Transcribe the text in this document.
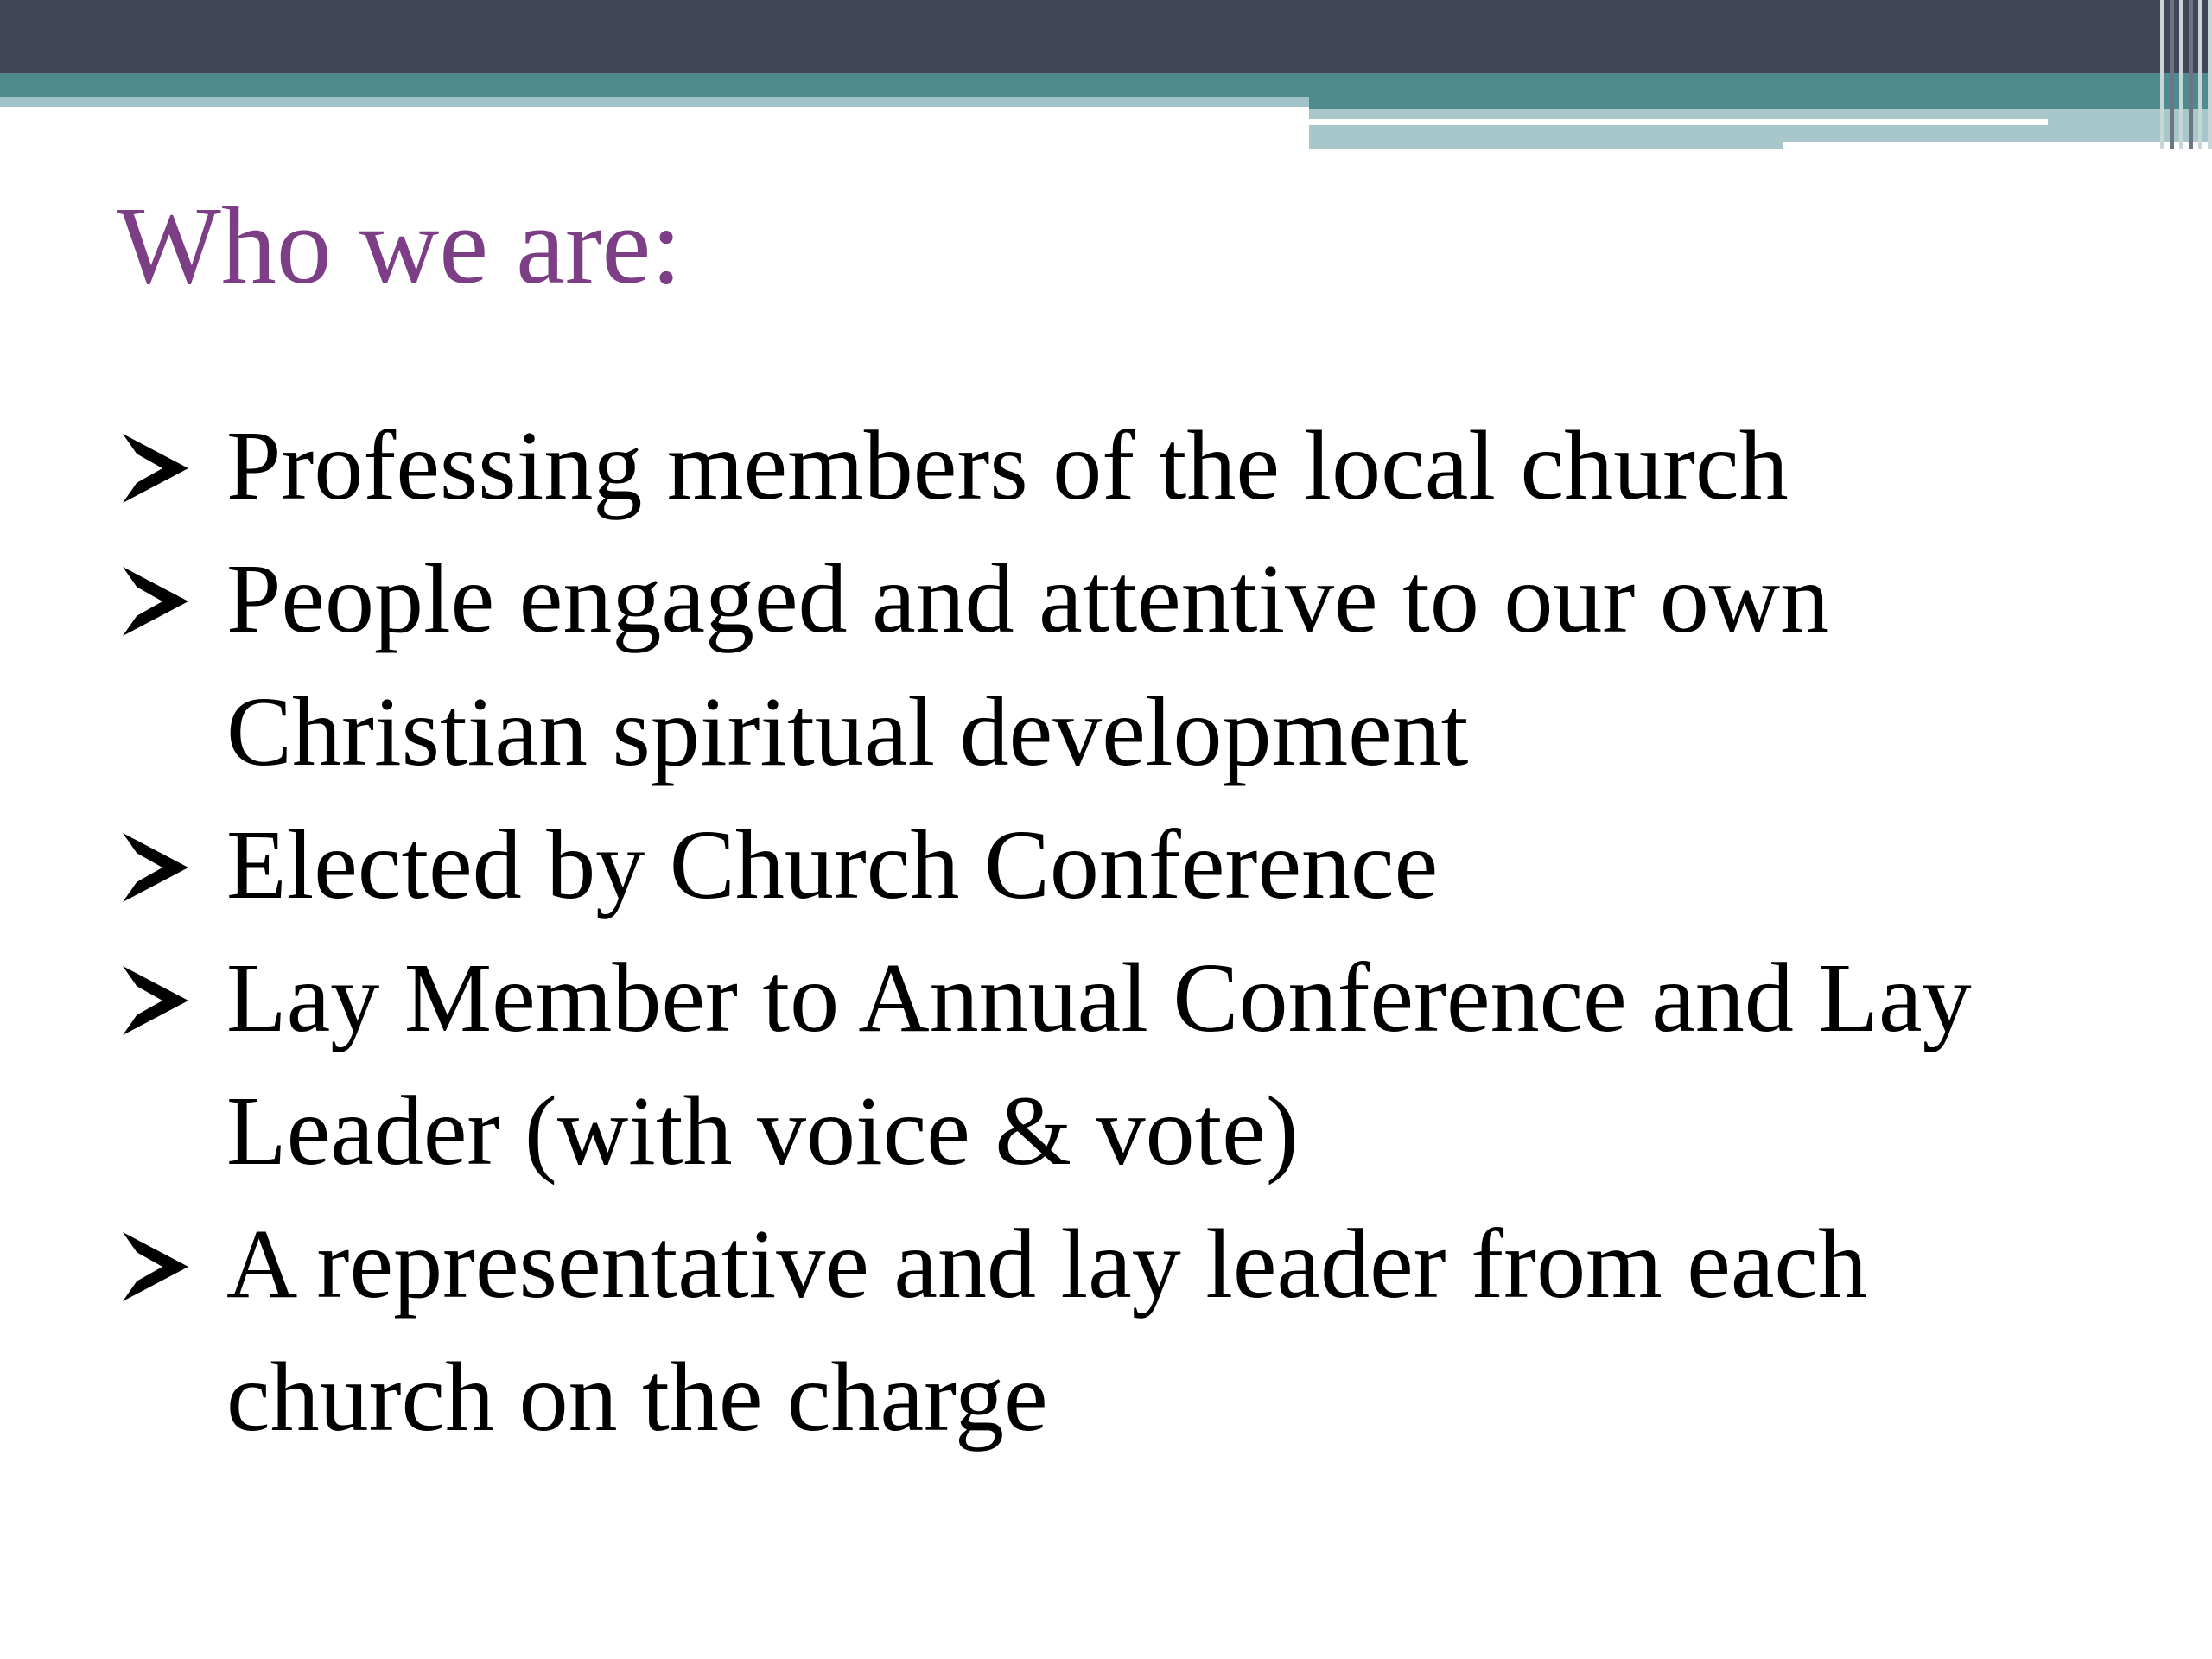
Who we are:
Professing members of the local church
People engaged and attentive to our own Christian spiritual development
Elected by Church Conference
Lay Member to Annual Conference and Lay Leader (with voice & vote)
A representative and lay leader from each church on the charge
